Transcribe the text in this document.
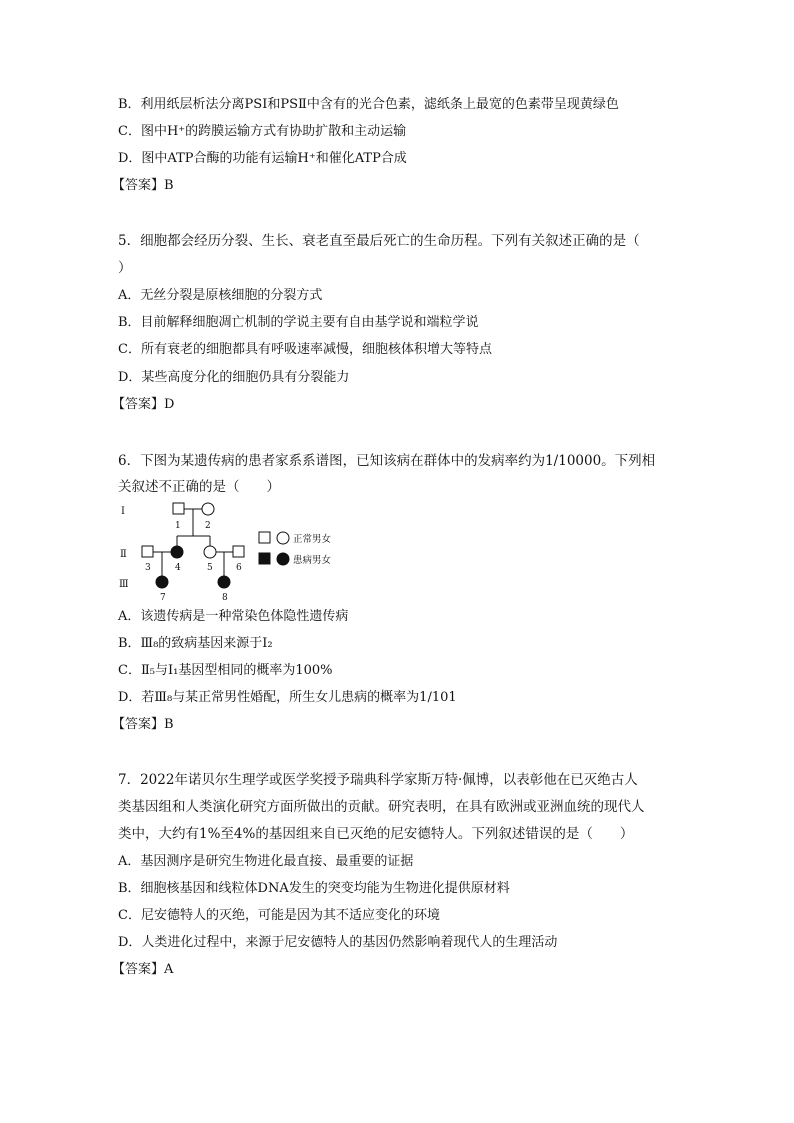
B．利用纸层析法分离PSⅠ和PSⅡ中含有的光合色素，滤纸条上最宽的色素带呈现黄绿色
C．图中H⁺的跨膜运输方式有协助扩散和主动运输
D．图中ATP合酶的功能有运输H⁺和催化ATP合成
【答案】B
5．细胞都会经历分裂、生长、衰老直至最后死亡的生命历程。下列有关叙述正确的是（
）
A．无丝分裂是原核细胞的分裂方式
B．目前解释细胞凋亡机制的学说主要有自由基学说和端粒学说
C．所有衰老的细胞都具有呼吸速率减慢，细胞核体积增大等特点
D．某些高度分化的细胞仍具有分裂能力
【答案】D
6．下图为某遗传病的患者家系系谱图，已知该病在群体中的发病率约为1/10000。下列相
关叙述不正确的是（　　）
Ⅰ
Ⅱ
Ⅲ
1	2
3	4	5	6
7	8
正常男女
患病男女
A．该遗传病是一种常染色体隐性遗传病
B．Ⅲ₈的致病基因来源于Ⅰ₂
C．Ⅱ₅与Ⅰ₁基因型相同的概率为100%
D．若Ⅲ₈与某正常男性婚配，所生女儿患病的概率为1/101
【答案】B
7．2022年诺贝尔生理学或医学奖授予瑞典科学家斯万特·佩博，以表彰他在已灭绝古人
类基因组和人类演化研究方面所做出的贡献。研究表明，在具有欧洲或亚洲血统的现代人
类中，大约有1%至4%的基因组来自已灭绝的尼安德特人。下列叙述错误的是（　　）
A．基因测序是研究生物进化最直接、最重要的证据
B．细胞核基因和线粒体DNA发生的突变均能为生物进化提供原材料
C．尼安德特人的灭绝，可能是因为其不适应变化的环境
D．人类进化过程中，来源于尼安德特人的基因仍然影响着现代人的生理活动
【答案】A
